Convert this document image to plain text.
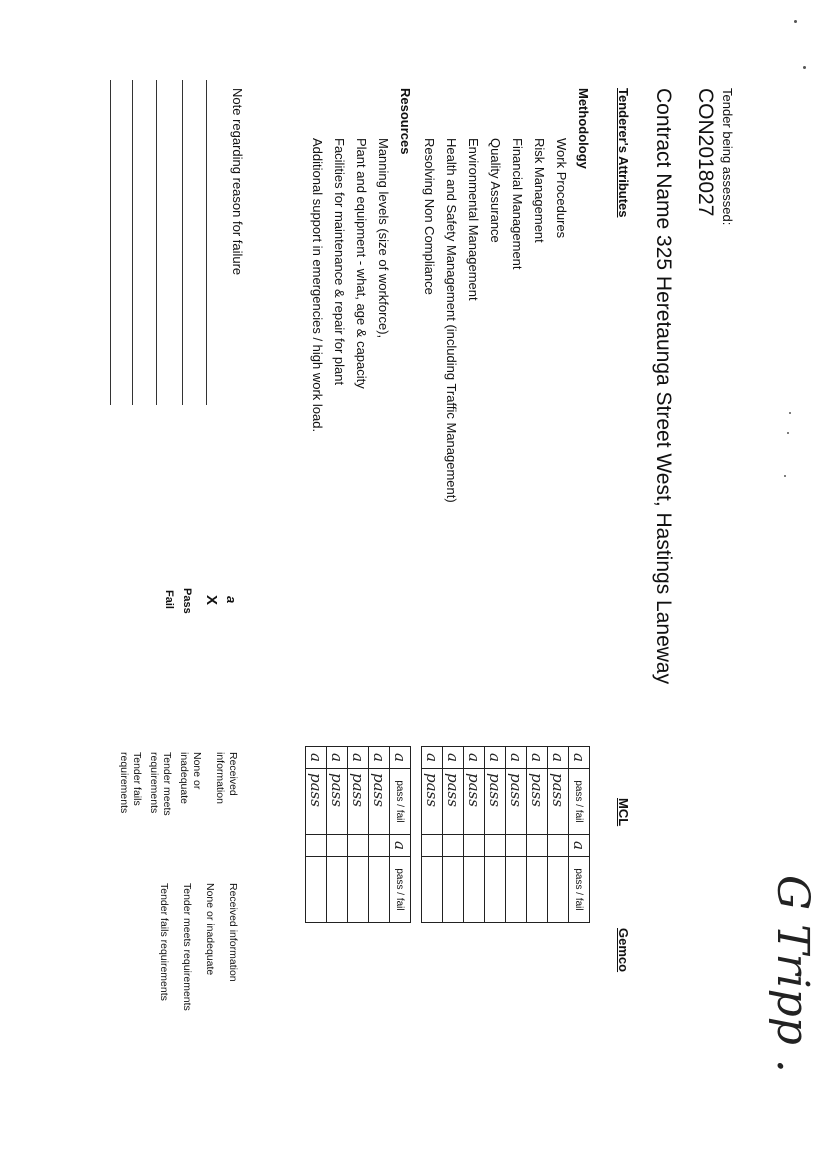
Tender being assessed:
CON2018027
Contract Name 325 Heretaunga Street West, Hastings Laneway
Tenderer's Attributes
Methodology
Work Procedures
Risk Management
Financial Management
Quality Assurance
Environmental Management
Health and Safety Management (including Traffic Management)
Resolving Non Compliance
Resources
Manning levels (size of workforce),
Plant and equipment - what, age & capacity
Facilities for maintenance & repair for plant
Additional support in emergencies / high work load.
Note regarding reason for failure
a
X
Pass
Fail
MCL
Gemco
a	pass / fail
a	pass
a	pass
a	pass
a	pass
a	pass
a	pass
a	pass
a	pass / fail

a	pass / fail
a	pass
a	pass
a	pass
a	pass
a	pass / fail

Received information
None or inadequate
Tender meets requirements
Tender fails requirements
Received information
None or inadequate
Tender meets requirements
Tender fails requirements	G Tripp .
